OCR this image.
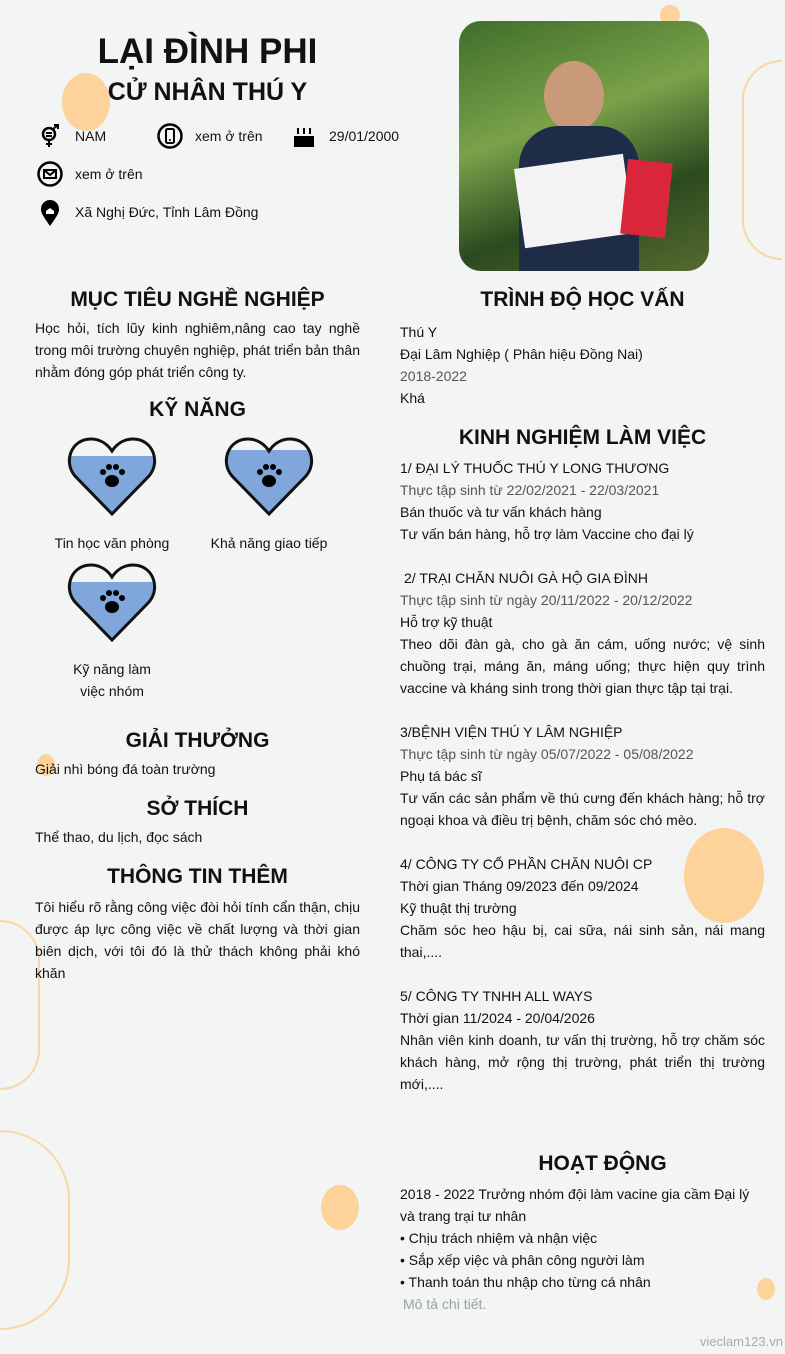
LẠI ĐÌNH PHI
CỬ NHÂN THÚ Y
NAM	xem ở trên	29/01/2000
xem ở trên
Xã Nghị Đức, Tỉnh Lâm Đồng
MỤC TIÊU NGHỀ NGHIỆP

Học hỏi, tích lũy kinh nghiêm,nâng cao tay nghề trong môi trường chuyên nghiệp, phát triển bản thân nhằm đóng góp phát triển công ty.

KỸ NĂNG
Tin học văn phòng	Khả năng giao tiếp
Kỹ năng làm việc nhóm
GIẢI THƯỞNG

Giải nhì bóng đá toàn trường

SỞ THÍCH

Thể thao, du lịch, đọc sách

THÔNG TIN THÊM

Tôi hiểu rõ rằng công việc đòi hỏi tính cẩn thận, chịu được áp lực công việc về chất lượng và thời gian biên dịch, với tôi đó là thử thách không phải khó khăn

TRÌNH ĐỘ HỌC VẤN
Thú Y
Đại Lâm Nghiệp ( Phân hiệu Đồng Nai)
2018-2022
Khá
KINH NGHIỆM LÀM VIỆC
1/ ĐẠI LÝ THUỐC THÚ Y LONG THƯƠNG
Thực tập sinh từ 22/02/2021 - 22/03/2021
Bán thuốc và tư vấn khách hàng
Tư vấn bán hàng, hỗ trợ làm Vaccine cho đại lý
2/ TRẠI CHĂN NUÔI GÀ HỘ GIA ĐÌNH
Thực tập sinh từ ngày 20/11/2022 - 20/12/2022
Hỗ trợ kỹ thuật
Theo dõi đàn gà, cho gà ăn cám, uống nước; vệ sinh chuồng trại, máng ăn, máng uống; thực hiện quy trình vaccine và kháng sinh trong thời gian thực tập tại trại.
3/BỆNH VIỆN THÚ Y LÂM NGHIỆP
Thực tập sinh từ ngày 05/07/2022 - 05/08/2022
Phụ tá bác sĩ
Tư vấn các sản phẩm về thú cưng đến khách hàng; hỗ trợ ngoại khoa và điều trị bệnh, chăm sóc chó mèo.
4/ CÔNG TY CỔ PHẦN CHĂN NUÔI CP
Thời gian Tháng 09/2023 đến 09/2024
Kỹ thuật thị trường
Chăm sóc heo hậu bị, cai sữa, nái sinh sản, nái mang thai,....
5/ CÔNG TY TNHH ALL WAYS
Thời gian 11/2024 - 20/04/2026
Nhân viên kinh doanh, tư vấn thị trường, hỗ trợ chăm sóc khách hàng, mở rộng thị trường, phát triển thị trường mới,....
HOẠT ĐỘNG
2018 - 2022 Trưởng nhóm đội làm vacine gia cầm Đại lý và trang trại tư nhân
• Chịu trách nhiệm và nhận việc
• Sắp xếp việc và phân công người làm
• Thanh toán thu nhập cho từng cá nhân
Mô tả chi tiết.
vieclam123.vn
